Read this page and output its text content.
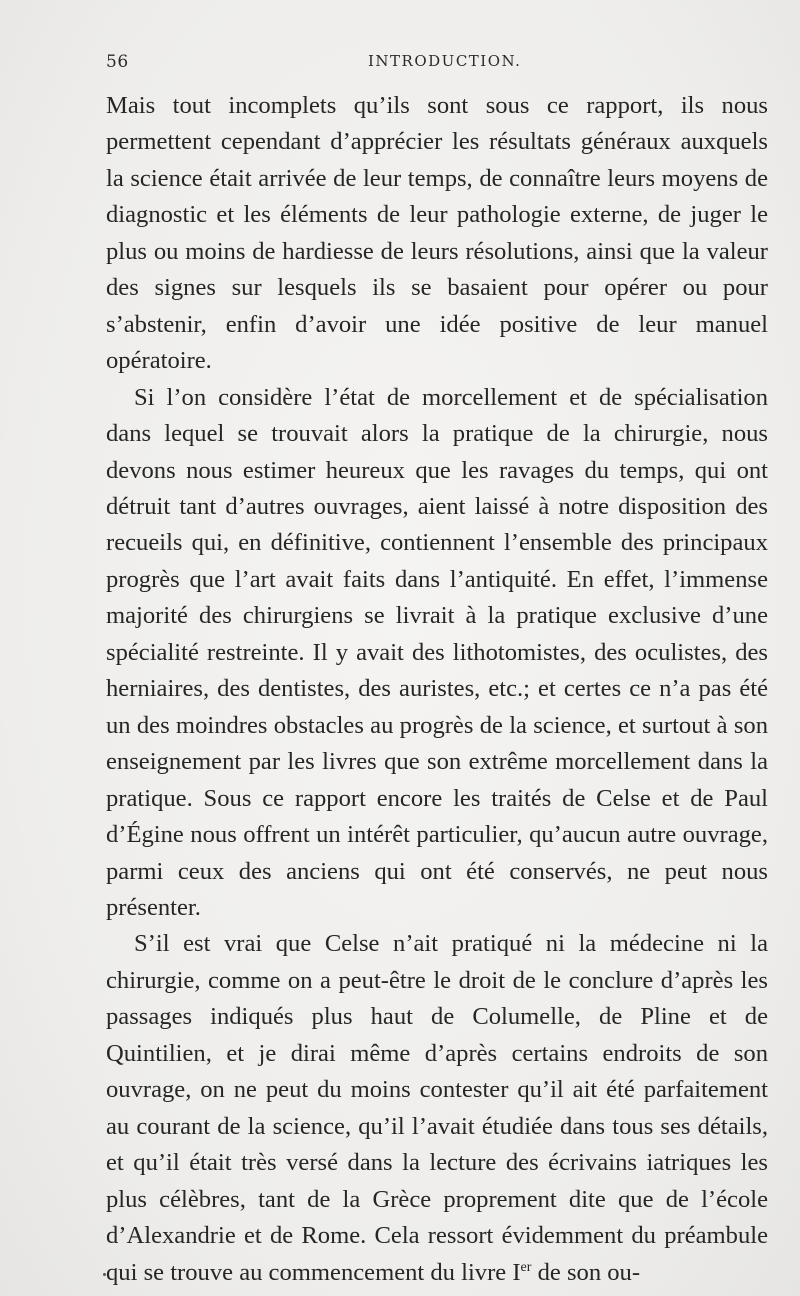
56	INTRODUCTION.

Mais tout incomplets qu’ils sont sous ce rapport, ils nous permettent cependant d’apprécier les résultats généraux auxquels la science était arrivée de leur temps, de connaître leurs moyens de diagnostic et les éléments de leur pathologie externe, de juger le plus ou moins de hardiesse de leurs résolutions, ainsi que la valeur des signes sur lesquels ils se basaient pour opérer ou pour s’abstenir, enfin d’avoir une idée positive de leur manuel opératoire.

Si l’on considère l’état de morcellement et de spécialisation dans lequel se trouvait alors la pratique de la chirurgie, nous devons nous estimer heureux que les ravages du temps, qui ont détruit tant d’autres ouvrages, aient laissé à notre disposition des recueils qui, en définitive, contiennent l’ensemble des principaux progrès que l’art avait faits dans l’antiquité. En effet, l’immense majorité des chirurgiens se livrait à la pratique exclusive d’une spécialité restreinte. Il y avait des lithotomistes, des oculistes, des herniaires, des dentistes, des auristes, etc.; et certes ce n’a pas été un des moindres obstacles au progrès de la science, et surtout à son enseignement par les livres que son extrême morcellement dans la pratique. Sous ce rapport encore les traités de Celse et de Paul d’Égine nous offrent un intérêt particulier, qu’aucun autre ouvrage, parmi ceux des anciens qui ont été conservés, ne peut nous présenter.

S’il est vrai que Celse n’ait pratiqué ni la médecine ni la chirurgie, comme on a peut-être le droit de le conclure d’après les passages indiqués plus haut de Columelle, de Pline et de Quintilien, et je dirai même d’après certains endroits de son ouvrage, on ne peut du moins contester qu’il ait été parfaitement au courant de la science, qu’il l’avait étudiée dans tous ses détails, et qu’il était très versé dans la lecture des écrivains iatriques les plus célèbres, tant de la Grèce proprement dite que de l’école d’Alexandrie et de Rome. Cela ressort évidemment du préambule qui se trouve au commencement du livre Ier de son ou-
